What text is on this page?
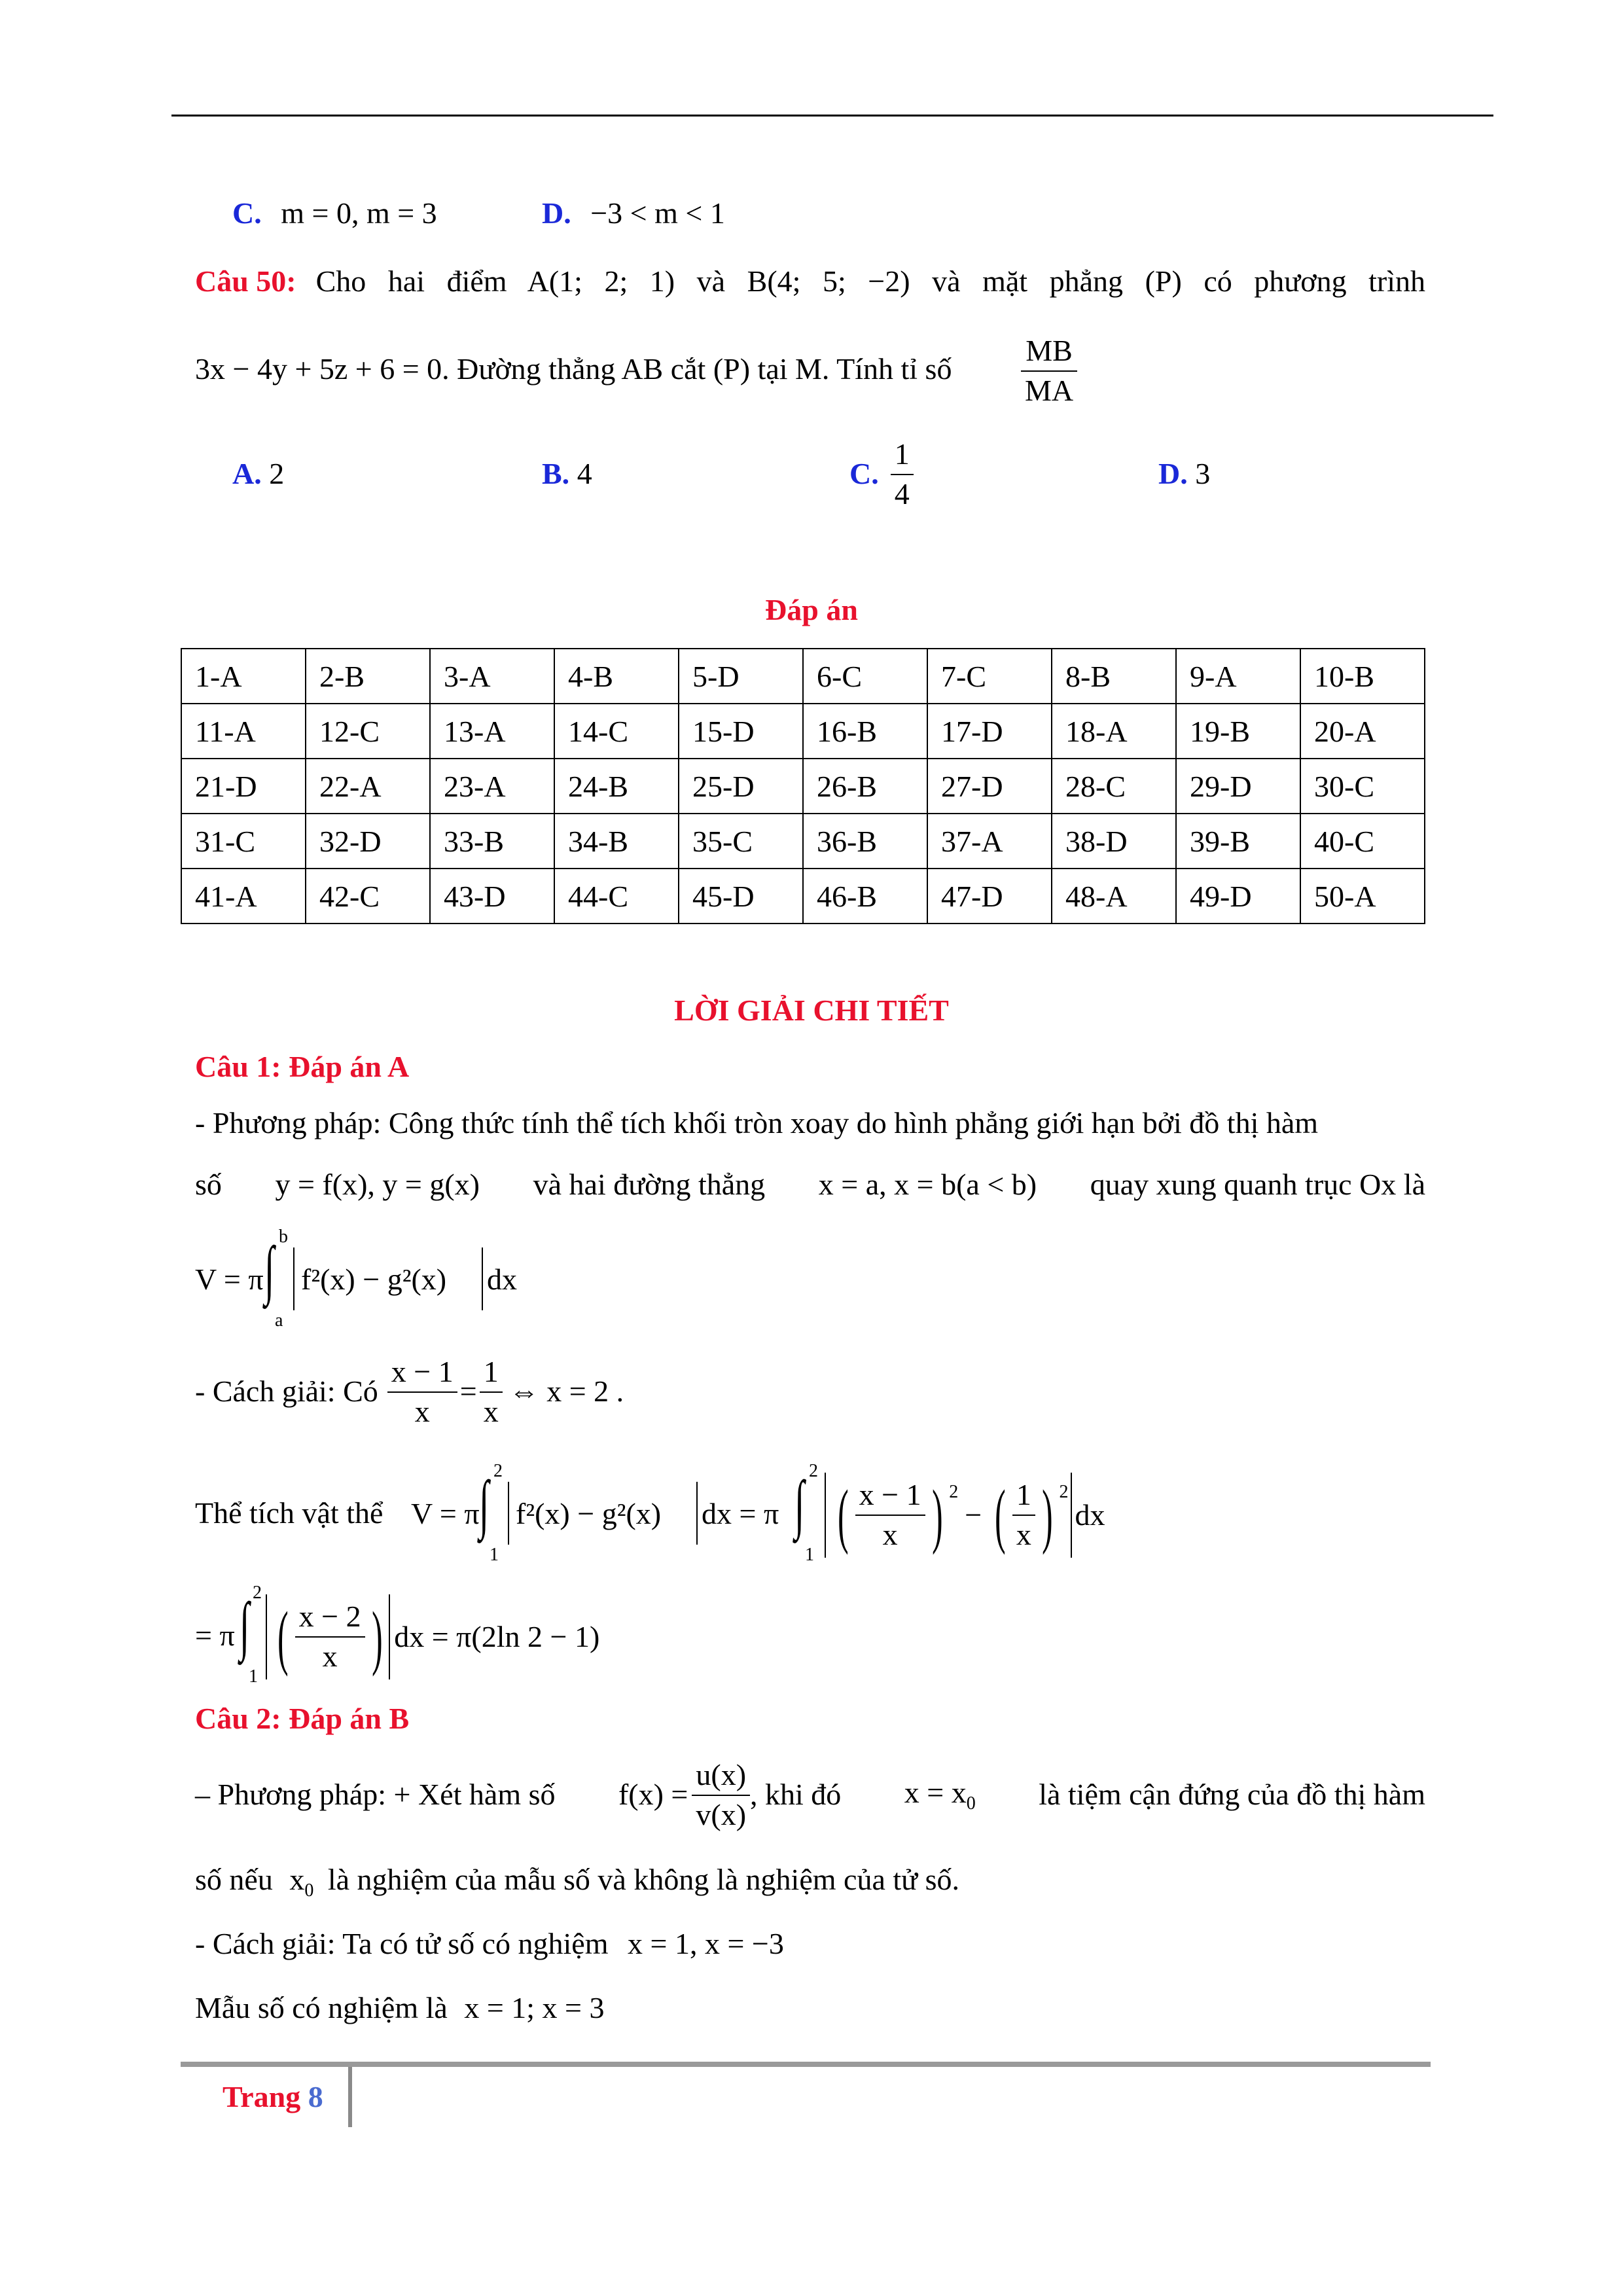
C. m = 0, m = 3	D. −3 < m < 1
Câu 50: Cho hai điểm A(1; 2; 1) và B(4; 5; −2) và mặt phẳng (P) có phương trình
3x − 4y + 5z + 6 = 0. Đường thẳng AB cắt (P) tại M. Tính tỉ số $\frac{MB}{MA}$
A. 2	B. 4	C. $\frac{1}{4}$	D. 3
Đáp án
1-A	2-B	3-A	4-B	5-D	6-C	7-C	8-B	9-A	10-B
11-A	12-C	13-A	14-C	15-D	16-B	17-D	18-A	19-B	20-A
21-D	22-A	23-A	24-B	25-D	26-B	27-D	28-C	29-D	30-C
31-C	32-D	33-B	34-B	35-C	36-B	37-A	38-D	39-B	40-C
41-A	42-C	43-D	44-C	45-D	46-B	47-D	48-A	49-D	50-A
LỜI GIẢI CHI TIẾT
Câu 1: Đáp án A
- Phương pháp: Công thức tính thể tích khối tròn xoay do hình phẳng giới hạn bởi đồ thị hàm
số y = f(x), y = g(x) và hai đường thẳng x = a, x = b(a < b) quay xung quanh trục Ox là
V = π ∫ b
a
f²(x) − g²(x) dx
- Cách giải: Có $\frac{x - 1}{x} = \frac{1}{x}$ ⇔ x = 2 .
Thể tích vật thể V = π ∫ 2
1
f²(x) − g²(x) dx = π ∫ 2
( $\frac{x - 1}{x}$ ) $^2$
− ( $\frac{1}{x}$ ) $^2$
dx
1
= π ∫ 2
1 ( $\frac{x - 2}{x}$ ) dx = π(2ln 2 − 1)
Câu 2: Đáp án B
– Phương pháp: + Xét hàm số $f(x) = \frac{u(x)}{v(x)}$ , khi đó $x = x_0$ là tiệm cận đứng của đồ thị hàm
số nếu $x_0$ là nghiệm của mẫu số và không là nghiệm của tử số.
- Cách giải: Ta có tử số có nghiệm x = 1, x = −3
Mẫu số có nghiệm là x = 1; x = 3
Trang 8
